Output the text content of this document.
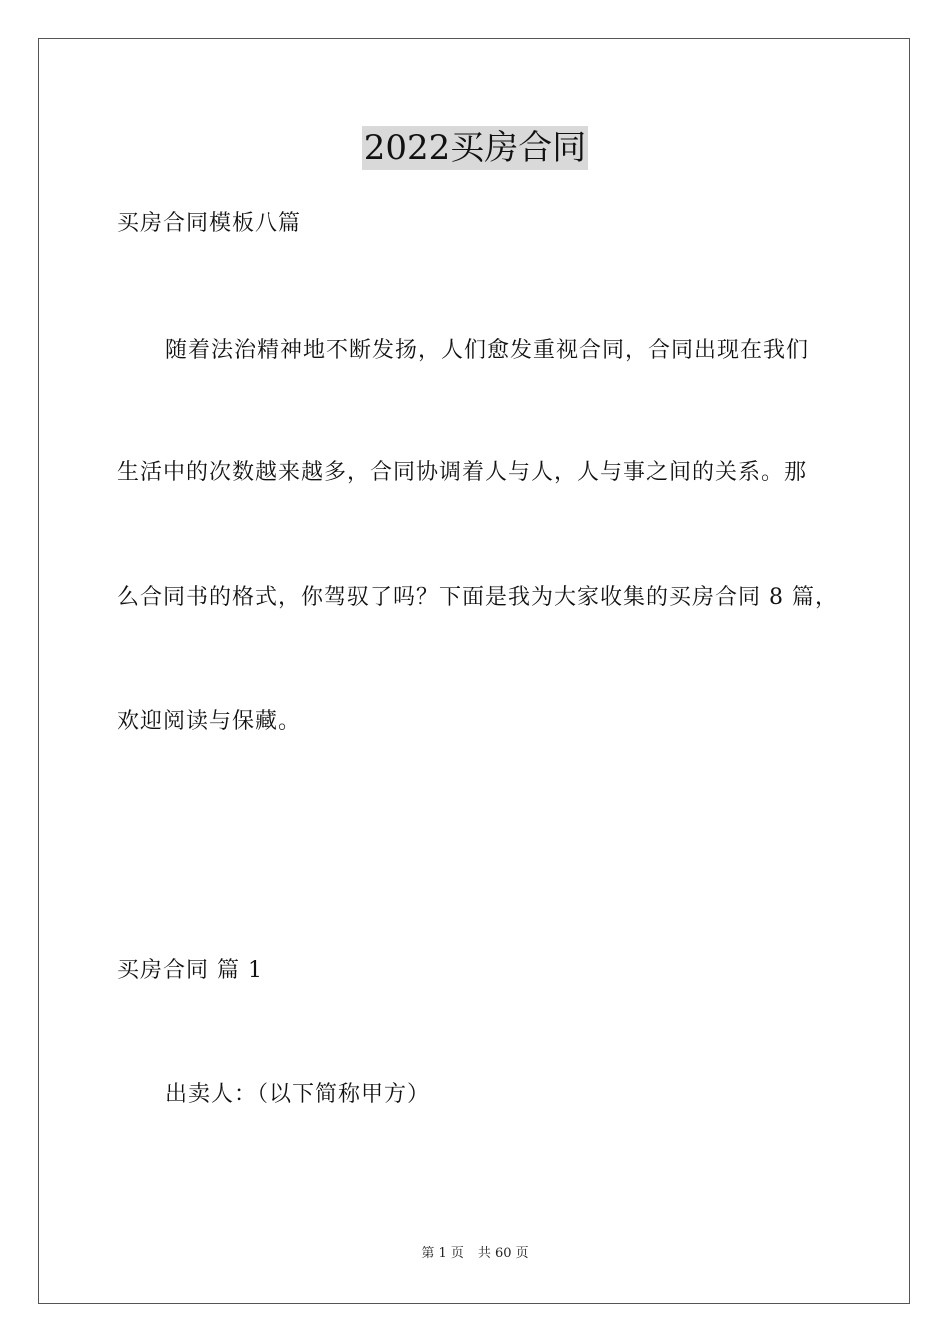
2022买房合同

买房合同模板八篇

随着法治精神地不断发扬，人们愈发重视合同，合同出现在我们

生活中的次数越来越多，合同协调着人与人，人与事之间的关系。那

么合同书的格式，你驾驭了吗？下面是我为大家收集的买房合同 8 篇，

欢迎阅读与保藏。

买房合同 篇 1

出卖人：（以下简称甲方）

第 1 页 共 60 页
